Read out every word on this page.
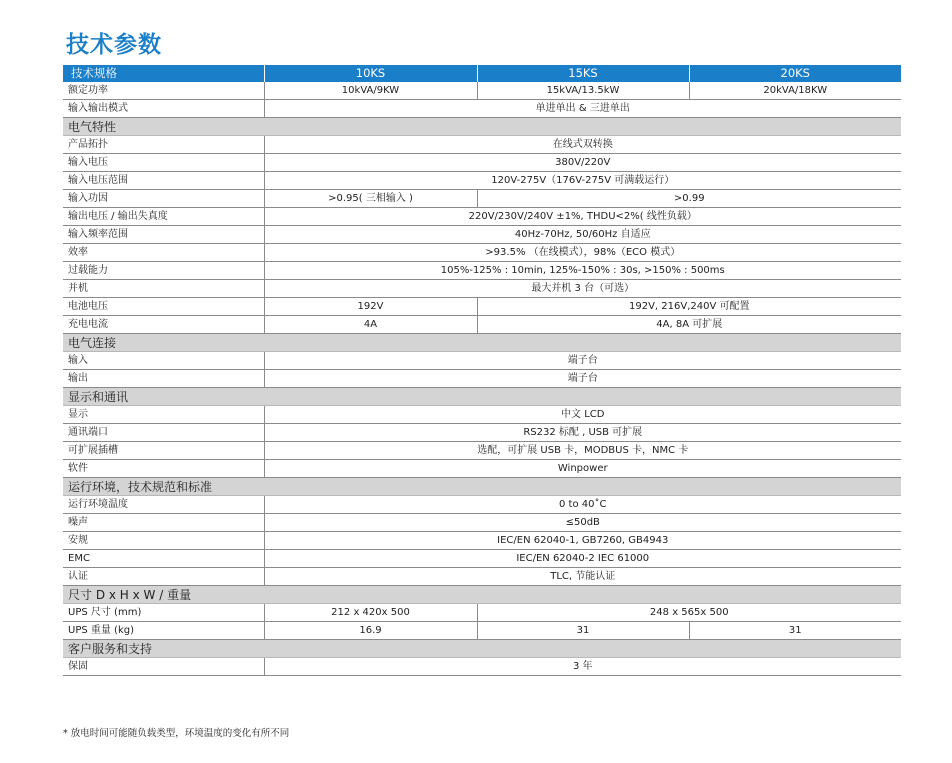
技术参数
技术规格	10KS	15KS	20KS
额定功率	10kVA/9KW	15kVA/13.5kW	20kVA/18KW
输入输出模式	单进单出 & 三进单出		
电气特性			
产品拓扑	在线式双转换		
输入电压	380V/220V		
输入电压范围	120V-275V（176V-275V 可满载运行）		
输入功因	>0.95( 三相输入 )	>0.99	
输出电压 / 输出失真度	220V/230V/240V ±1%, THDU<2%( 线性负载）		
输入频率范围	40Hz-70Hz, 50/60Hz 自适应		
效率	>93.5% （在线模式），98%（ECO 模式）		
过载能力	105%-125% : 10min, 125%-150% : 30s, >150% : 500ms		
并机	最大并机 3 台（可选）		
电池电压	192V	192V, 216V,240V 可配置	
充电电流	4A	4A, 8A 可扩展	
电气连接			
输入	端子台		
输出	端子台		
显示和通讯			
显示	中文 LCD		
通讯端口	RS232 标配 , USB 可扩展		
可扩展插槽	选配，可扩展 USB 卡，MODBUS 卡，NMC 卡		
软件	Winpower		
运行环境，技术规范和标准			
运行环境温度	0 to 40˚C		
噪声	≤50dB		
安规	IEC/EN 62040-1, GB7260, GB4943		
EMC	IEC/EN 62040-2 IEC 61000		
认证	TLC, 节能认证		
尺寸 D x H x W / 重量			
UPS 尺寸 (mm)	212 x 420x 500	248 x 565x 500	
UPS 重量 (kg)	16.9	31	31
客户服务和支持			
保固	3 年		

* 放电时间可能随负载类型，环境温度的变化有所不同
